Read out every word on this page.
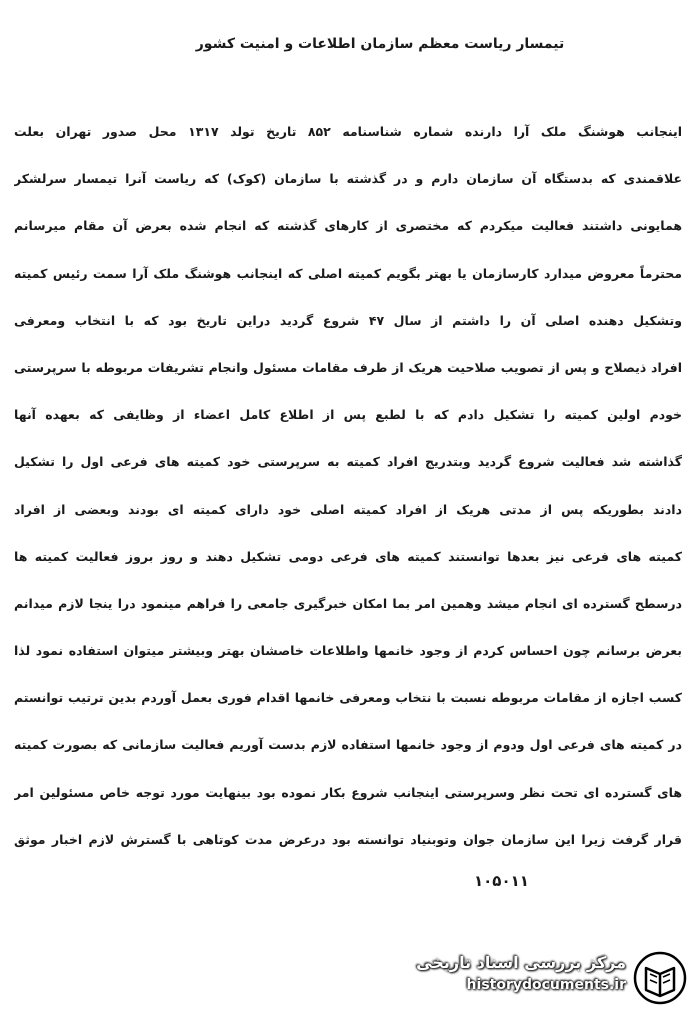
تیمسار ریاست معظم سازمان اطلاعات و امنیت کشور
اینجانب هوشنگ ملک آرا دارنده شماره شناسنامه ۸۵۲ تاریخ تولد ۱۳۱۷ محل صدور تهران بعلت
علاقمندی که بدستگاه آن سازمان دارم و در گذشته با سازمان (کوک) که ریاست آنرا تیمسار سرلشکر
همایونی داشتند فعالیت میکردم که مختصری از کارهای گذشته که انجام شده بعرض آن مقام میرسانم
محترماً معروض میدارد کارسازمان یا بهتر بگویم کمیته اصلی که اینجانب هوشنگ ملک آرا سمت رئیس کمیته
وتشکیل دهنده اصلی آن را داشتم از سال ۴۷ شروع گردید دراین تاریخ بود که با انتخاب ومعرفی
افراد ذیصلاح و پس از تصویب صلاحیت هریک از طرف مقامات مسئول وانجام تشریفات مربوطه با سرپرستی
خودم اولین کمیته را تشکیل دادم که با لطبع پس از اطلاع کامل اعضاء از وظایفی که بعهده آنها
گذاشته شد فعالیت شروع گردید وبتدریج افراد کمیته به سرپرستی خود کمیته های فرعی اول را تشکیل
دادند بطوریکه پس از مدتی هریک از افراد کمیته اصلی خود دارای کمیته ای بودند وبعضی از افراد
کمیته های فرعی نیز بعدها توانستند کمیته های فرعی دومی تشکیل دهند و روز بروز فعالیت کمیته ها
درسطح گسترده ای انجام میشد وهمین امر بما امکان خبرگیری جامعی را فراهم مینمود درا ینجا لازم میدانم
بعرض برسانم چون احساس کردم از وجود خانمها واطلاعات خاصشان بهتر وبیشتر میتوان استفاده نمود لذا
کسب اجازه از مقامات مربوطه نسبت با نتخاب ومعرفی خانمها اقدام فوری بعمل آوردم بدین ترتیب توانستم
در کمیته های فرعی اول ودوم از وجود خانمها استفاده لازم بدست آوریم فعالیت سازمانی که بصورت کمیته
های گسترده ای تحت نظر وسرپرستی اینجانب شروع بکار نموده بود بینهایت مورد توجه خاص مسئولین امر
قرار گرفت زیرا این سازمان جوان وتوبنیاد توانسته بود درعرض مدت کوتاهی با گسترش لازم اخبار موثق
۱۰۵۰۱۱
مرکز بررسی اسناد تاریخی
historydocuments.ir
